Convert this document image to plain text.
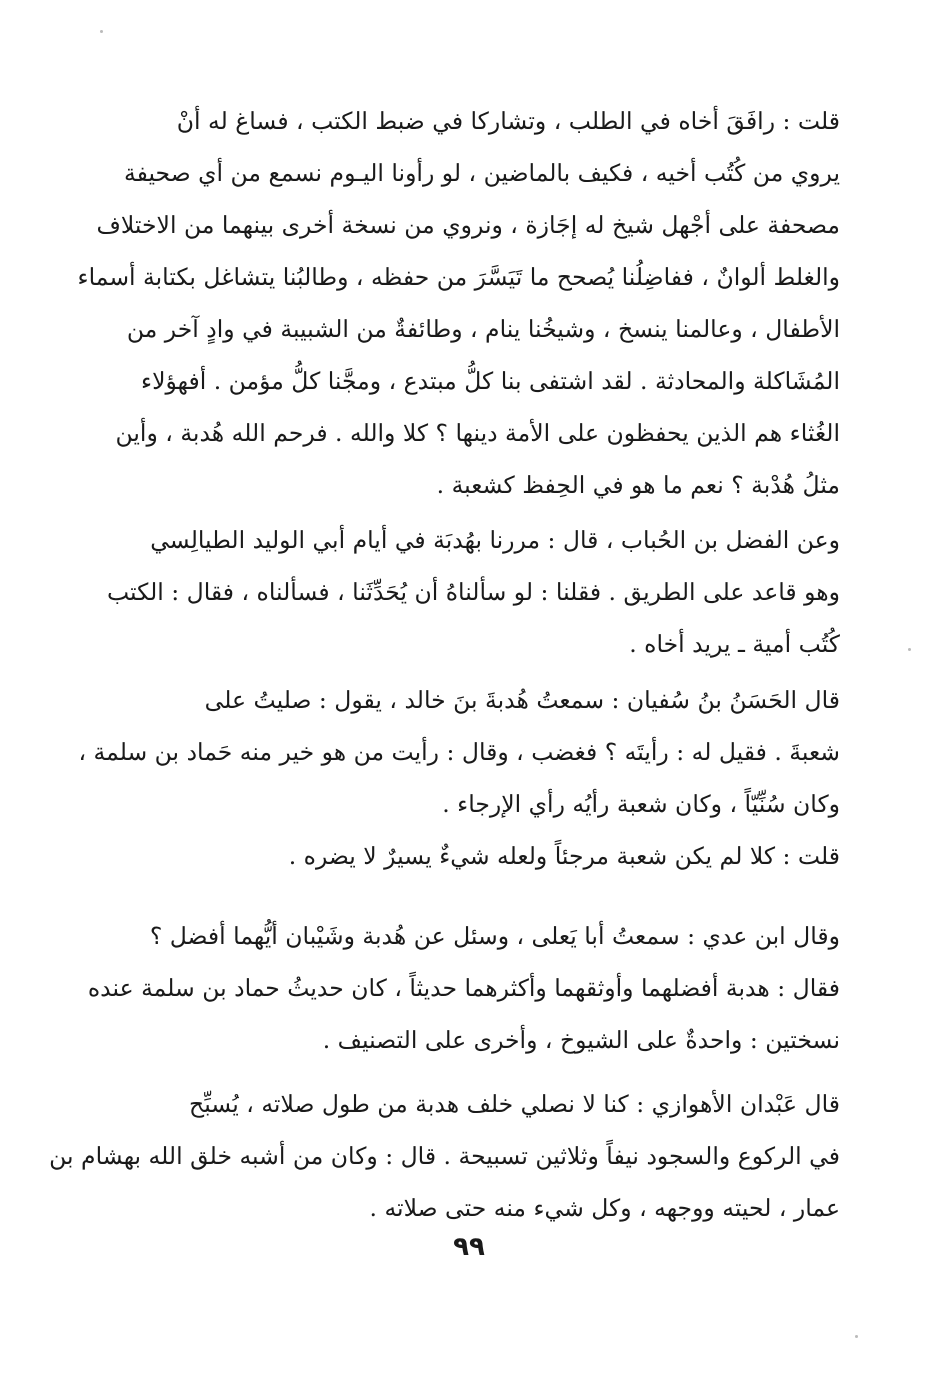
قلت : رافَقَ أخاه في الطلب ، وتشاركا في ضبط الكتب ، فساغ له أنْ
يروي من كُتُب أخيه ، فكيف بالماضين ، لو رأونا اليـوم نسمع من أي صحيفة
مصحفة على أجْهل شيخ له إجَازة ، ونروي من نسخة أخرى بينهما من الاختلاف
والغلط ألوانٌ ، ففاضِلُنا يُصحح ما تَيَسَّرَ من حفظه ، وطالبُنا يتشاغل بكتابة أسماء
الأطفال ، وعالمنا ينسخ ، وشيخُنا ينام ، وطائفةٌ من الشبيبة في وادٍ آخر من
المُشَاكلة والمحادثة . لقد اشتفى بنا كلُّ مبتدع ، ومجَّنا كلُّ مؤمن . أفهؤلاء
الغُثاء هم الذين يحفظون على الأمة دينها ؟ كلا والله . فرحم الله هُدبة ، وأين
مثلُ هُدْبة ؟ نعم ما هو في الحِفظ كشعبة .
وعن الفضل بن الحُباب ، قال : مررنا بهُدبَة في أيام أبي الوليد الطيالِسي
وهو قاعد على الطريق . فقلنا : لو سألناهُ أن يُحَدِّثَنا ، فسألناه ، فقال : الكتب
كُتُب أمية ـ يريد أخاه .
قال الحَسَنُ بنُ سُفيان : سمعتُ هُدبةَ بنَ خالد ، يقول : صليتُ على
شعبةَ . فقيل له : رأيتَه ؟ فغضب ، وقال : رأيت من هو خير منه حَماد بن سلمة ،
وكان سُنِّيّاً ، وكان شعبة رأيُه رأي الإرجاء .
قلت : كلا لم يكن شعبة مرجئاً ولعله شيءٌ يسيرٌ لا يضره .
وقال ابن عدي : سمعتُ أبا يَعلى ، وسئل عن هُدبة وشَيْبان أيُّهما أفضل ؟
فقال : هدبة أفضلهما وأوثقهما وأكثرهما حديثاً ، كان حديثُ حماد بن سلمة عنده
نسختين : واحدةٌ على الشيوخ ، وأخرى على التصنيف .
قال عَبْدان الأهوازي : كنا لا نصلي خلف هدبة من طول صلاته ، يُسبِّح
في الركوع والسجود نيفاً وثلاثين تسبيحة . قال : وكان من أشبه خلق الله بهشام بن
عمار ، لحيته ووجهه ، وكل شيء منه حتى صلاته .
٩٩
